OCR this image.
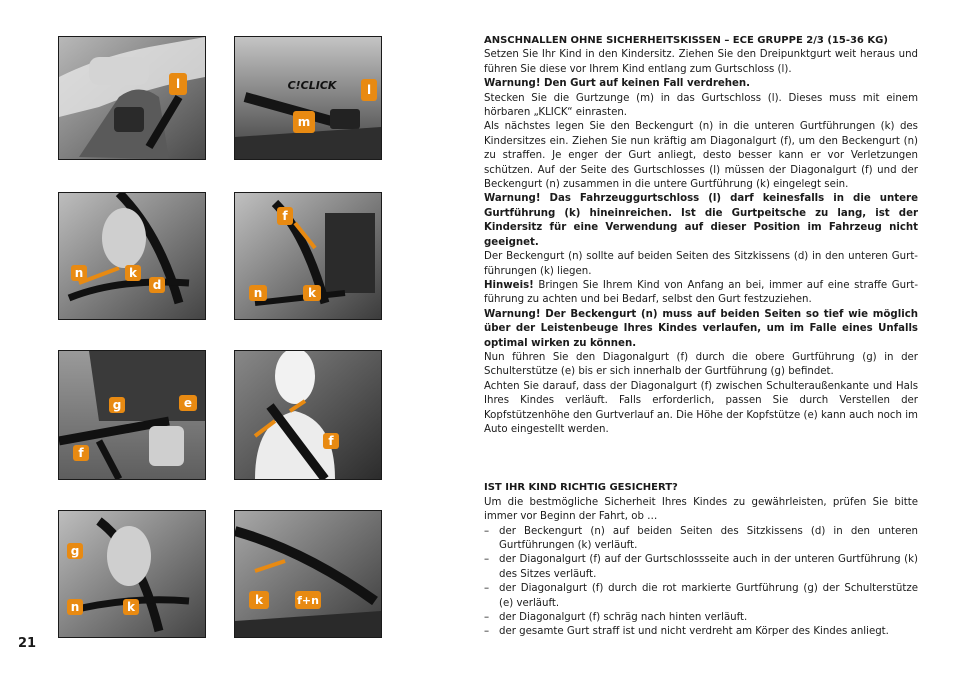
l	C!CLICK	l
m
n	k
d
f
n	k
g	e
f
f
g
n	k	k	f+n

ANSCHNALLEN OHNE SICHERHEITSKISSEN – ECE GRUPPE 2/3 (15-36 KG)

Setzen Sie Ihr Kind in den Kindersitz. Ziehen Sie den Dreipunktgurt weit heraus und führen Sie diese vor Ihrem Kind entlang zum Gurtschloss (l).

Warnung! Den Gurt auf keinen Fall verdrehen.

Stecken Sie die Gurtzunge (m) in das Gurtschloss (l). Dieses muss mit einem hörbaren „KLICK“ einrasten.

Als nächstes legen Sie den Beckengurt (n) in die unteren Gurtführungen (k) des Kindersitzes ein. Ziehen Sie nun kräftig am Diagonalgurt (f), um den Beckengurt (n) zu straffen. Je enger der Gurt anliegt, desto besser kann er vor Verletzungen schützen. Auf der Seite des Gurtschlosses (l) müssen der Diagonalgurt (f) und der Beckengurt (n) zusammen in die untere Gurtführung (k) eingelegt sein.

Warnung! Das Fahrzeuggurtschloss (l) darf keinesfalls in die untere Gurtführung (k) hineinreichen. Ist die Gurtpeitsche zu lang, ist der Kindersitz für eine Verwendung auf dieser Position im Fahrzeug nicht geeignet.

Der Beckengurt (n) sollte auf beiden Seiten des Sitzkissens (d) in den unteren Gurt-führungen (k) liegen.

Hinweis! Bringen Sie Ihrem Kind von Anfang an bei, immer auf eine straffe Gurt-führung zu achten und bei Bedarf, selbst den Gurt festzuziehen.

Warnung! Der Beckengurt (n) muss auf beiden Seiten so tief wie möglich über der Leistenbeuge Ihres Kindes verlaufen, um im Falle eines Unfalls optimal wirken zu können.

Nun führen Sie den Diagonalgurt (f) durch die obere Gurtführung (g) in der Schulterstütze (e) bis er sich innerhalb der Gurtführung (g) befindet.

Achten Sie darauf, dass der Diagonalgurt (f) zwischen Schulteraußenkante und Hals Ihres Kindes verläuft. Falls erforderlich, passen Sie durch Verstellen der Kopfstützenhöhe den Gurtverlauf an. Die Höhe der Kopfstütze (e) kann auch noch im Auto eingestellt werden.

IST IHR KIND RICHTIG GESICHERT?

Um die bestmögliche Sicherheit Ihres Kindes zu gewährleisten, prüfen Sie bitte immer vor Beginn der Fahrt, ob …

– der Beckengurt (n) auf beiden Seiten des Sitzkissens (d) in den unteren Gurtführungen (k) verläuft.
– der Diagonalgurt (f) auf der Gurtschlossseite auch in der unteren Gurtführung (k) des Sitzes verläuft.
– der Diagonalgurt (f) durch die rot markierte Gurtführung (g) der Schulterstütze (e) verläuft.
– der Diagonalgurt (f) schräg nach hinten verläuft.
– der gesamte Gurt straff ist und nicht verdreht am Körper des Kindes anliegt.
21
